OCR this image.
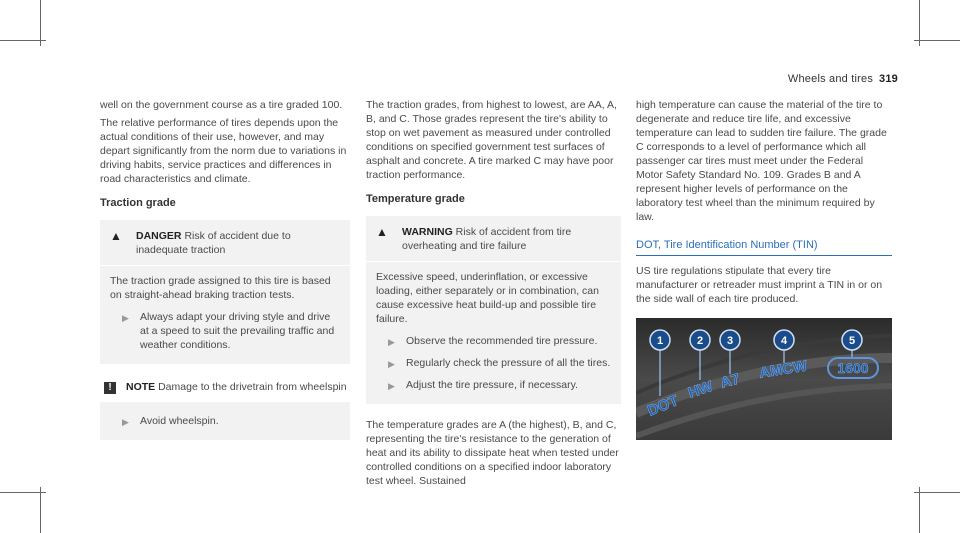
Wheels and tires 319

well on the government course as a tire graded 100.

The relative performance of tires depends upon the actual conditions of their use, however, and may depart significantly from the norm due to variations in driving habits, service practices and differences in road characteristics and climate.

Traction grade
▲ DANGER Risk of accident due to inadequate traction

The traction grade assigned to this tire is based on straight-ahead braking traction tests.

▶ Always adapt your driving style and drive at a speed to suit the prevailing traffic and weather conditions.
!	NOTE Damage to the drivetrain from wheelspin
▶ Avoid wheelspin.

The traction grades, from highest to lowest, are AA, A, B, and C. Those grades represent the tire's ability to stop on wet pavement as measured under controlled conditions on specified government test surfaces of asphalt and concrete. A tire marked C may have poor traction performance.

Temperature grade
▲ WARNING Risk of accident from tire overheating and tire failure

Excessive speed, underinflation, or excessive loading, either separately or in combination, can cause excessive heat build-up and possible tire failure.

▶ Observe the recommended tire pressure.
▶ Regularly check the pressure of all the tires.
▶ Adjust the tire pressure, if necessary.

The temperature grades are A (the highest), B, and C, representing the tire's resistance to the generation of heat and its ability to dissipate heat when tested under controlled conditions on a specified indoor laboratory test wheel. Sustained

high temperature can cause the material of the tire to degenerate and reduce tire life, and excessive temperature can lead to sudden tire failure. The grade C corresponds to a level of performance which all passenger car tires must meet under the Federal Motor Safety Standard No. 109. Grades B and A represent higher levels of performance on the laboratory test wheel than the minimum required by law.

DOT, Tire Identification Number (TIN)

US tire regulations stipulate that every tire manufacturer or retreader must imprint a TIN in or on the side wall of each tire produced.

1	2 3	4	5
DOT
HW A7 AMCW 1600
